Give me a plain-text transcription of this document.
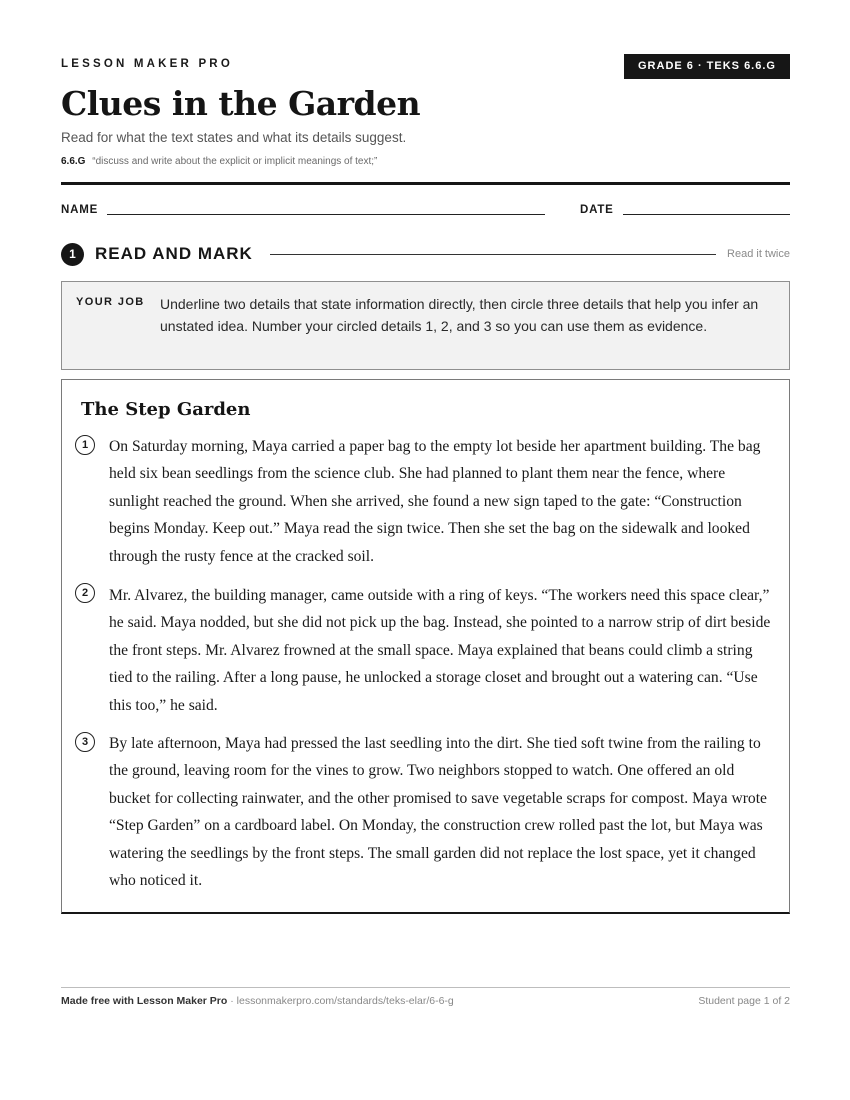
LESSON MAKER PRO	GRADE 6 · TEKS 6.6.G
Clues in the Garden
Read for what the text states and what its details suggest.
6.6.G “discuss and write about the explicit or implicit meanings of text;”
NAME	DATE
1	READ AND MARK	Read it twice
YOUR JOB Underline two details that state information directly, then circle three details that help you infer an unstated idea. Number your circled details 1, 2, and 3 so you can use them as evidence.
The Step Garden
1	On Saturday morning, Maya carried a paper bag to the empty lot beside her apartment building. The bag held six bean seedlings from the science club. She had planned to plant them near the fence, where sunlight reached the ground. When she arrived, she found a new sign taped to the gate: “Construction begins Monday. Keep out.” Maya read the sign twice. Then she set the bag on the sidewalk and looked through the rusty fence at the cracked soil.

2	Mr. Alvarez, the building manager, came outside with a ring of keys. “The workers need this space clear,” he said. Maya nodded, but she did not pick up the bag. Instead, she pointed to a narrow strip of dirt beside the front steps. Mr. Alvarez frowned at the small space. Maya explained that beans could climb a string tied to the railing. After a long pause, he unlocked a storage closet and brought out a watering can. “Use this too,” he said.

3	By late afternoon, Maya had pressed the last seedling into the dirt. She tied soft twine from the railing to the ground, leaving room for the vines to grow. Two neighbors stopped to watch. One offered an old bucket for collecting rainwater, and the other promised to save vegetable scraps for compost. Maya wrote “Step Garden” on a cardboard label. On Monday, the construction crew rolled past the lot, but Maya was watering the seedlings by the front steps. The small garden did not replace the lost space, yet it changed who noticed it.

Made free with Lesson Maker Pro · lessonmakerpro.com/standards/teks-elar/6-6-g	Student page 1 of 2
